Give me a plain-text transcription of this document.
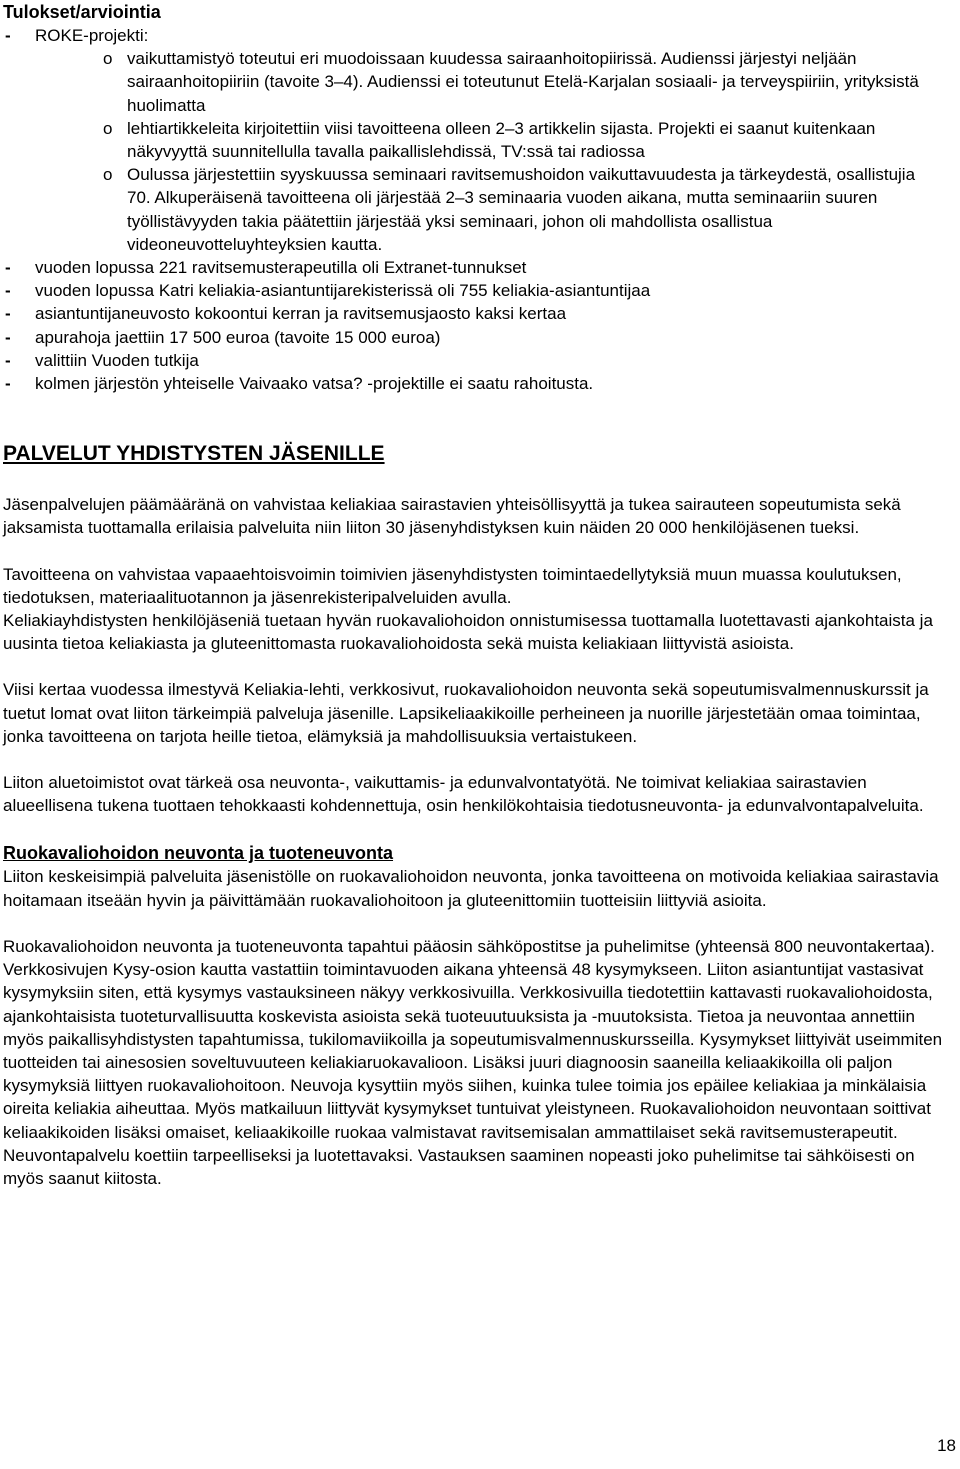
Tulokset/arviointia
-	ROKE-projekti:
o vaikuttamistyö toteutui eri muodoissaan kuudessa sairaanhoitopiirissä. Audienssi järjestyi neljään sairaanhoitopiiriin (tavoite 3–4). Audienssi ei toteutunut Etelä-Karjalan sosiaali- ja terveyspiiriin, yrityksistä huolimatta
o lehtiartikkeleita kirjoitettiin viisi tavoitteena olleen 2–3 artikkelin sijasta. Projekti ei saanut kuitenkaan näkyvyyttä suunnitellulla tavalla paikallislehdissä, TV:ssä tai radiossa
o Oulussa järjestettiin syyskuussa seminaari ravitsemushoidon vaikuttavuudesta ja tärkeydestä, osallistujia 70. Alkuperäisenä tavoitteena oli järjestää 2–3 seminaaria vuoden aikana, mutta seminaariin suuren työllistävyyden takia päätettiin järjestää yksi seminaari, johon oli mahdollista osallistua videoneuvotteluyhteyksien kautta.
-	vuoden lopussa 221 ravitsemusterapeutilla oli Extranet-tunnukset
-	vuoden lopussa Katri keliakia-asiantuntijarekisterissä oli 755 keliakia-asiantuntijaa
-	asiantuntijaneuvosto kokoontui kerran ja ravitsemusjaosto kaksi kertaa
-	apurahoja jaettiin 17 500 euroa (tavoite 15 000 euroa)
-	valittiin Vuoden tutkija
-	kolmen järjestön yhteiselle Vaivaako vatsa? -projektille ei saatu rahoitusta.
PALVELUT YHDISTYSTEN JÄSENILLE

Jäsenpalvelujen päämääränä on vahvistaa keliakiaa sairastavien yhteisöllisyyttä ja tukea sairauteen sopeutumista sekä jaksamista tuottamalla erilaisia palveluita niin liiton 30 jäsenyhdistyksen kuin näiden 20 000 henkilöjäsenen tueksi.

Tavoitteena on vahvistaa vapaaehtoisvoimin toimivien jäsenyhdistysten toimintaedellytyksiä muun muassa koulutuksen, tiedotuksen, materiaalituotannon ja jäsenrekisteripalveluiden avulla.

Keliakiayhdistysten henkilöjäseniä tuetaan hyvän ruokavaliohoidon onnistumisessa tuottamalla luotettavasti ajankohtaista ja uusinta tietoa keliakiasta ja gluteenittomasta ruokavaliohoidosta sekä muista keliakiaan liittyvistä asioista.

Viisi kertaa vuodessa ilmestyvä Keliakia-lehti, verkkosivut, ruokavaliohoidon neuvonta sekä sopeutumisvalmennuskurssit ja tuetut lomat ovat liiton tärkeimpiä palveluja jäsenille. Lapsikeliaakikoille perheineen ja nuorille järjestetään omaa toimintaa, jonka tavoitteena on tarjota heille tietoa, elämyksiä ja mahdollisuuksia vertaistukeen.

Liiton aluetoimistot ovat tärkeä osa neuvonta-, vaikuttamis- ja edunvalvontatyötä. Ne toimivat keliakiaa sairastavien alueellisena tukena tuottaen tehokkaasti kohdennettuja, osin henkilökohtaisia tiedotusneuvonta- ja edunvalvontapalveluita.

Ruokavaliohoidon neuvonta ja tuoteneuvonta

Liiton keskeisimpiä palveluita jäsenistölle on ruokavaliohoidon neuvonta, jonka tavoitteena on motivoida keliakiaa sairastavia hoitamaan itseään hyvin ja päivittämään ruokavaliohoitoon ja gluteenittomiin tuotteisiin liittyviä asioita.

Ruokavaliohoidon neuvonta ja tuoteneuvonta tapahtui pääosin sähköpostitse ja puhelimitse (yhteensä 800 neuvontakertaa). Verkkosivujen Kysy-osion kautta vastattiin toimintavuoden aikana yhteensä 48 kysymykseen. Liiton asiantuntijat vastasivat kysymyksiin siten, että kysymys vastauksineen näkyy verkkosivuilla. Verkkosivuilla tiedotettiin kattavasti ruokavaliohoidosta, ajankohtaisista tuoteturvallisuutta koskevista asioista sekä tuoteuutuuksista ja -muutoksista. Tietoa ja neuvontaa annettiin myös paikallisyhdistysten tapahtumissa, tukilomaviikoilla ja sopeutumisvalmennuskursseilla. Kysymykset liittyivät useimmiten tuotteiden tai ainesosien soveltuvuuteen keliakiaruokavalioon. Lisäksi juuri diagnoosin saaneilla keliaakikoilla oli paljon kysymyksiä liittyen ruokavaliohoitoon. Neuvoja kysyttiin myös siihen, kuinka tulee toimia jos epäilee keliakiaa ja minkälaisia oireita keliakia aiheuttaa. Myös matkailuun liittyvät kysymykset tuntuivat yleistyneen. Ruokavaliohoidon neuvontaan soittivat keliaakikoiden lisäksi omaiset, keliaakikoille ruokaa valmistavat ravitsemisalan ammattilaiset sekä ravitsemusterapeutit. Neuvontapalvelu koettiin tarpeelliseksi ja luotettavaksi. Vastauksen saaminen nopeasti joko puhelimitse tai sähköisesti on myös saanut kiitosta.

18
